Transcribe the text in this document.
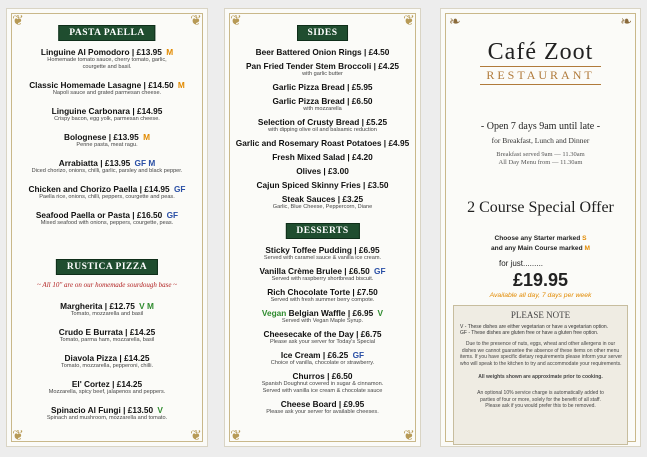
❦	❦
❦	❦
PASTA PAELLA
Linguine Al Pomodoro | £13.95 M
Homemade tomato sauce, cherry tomato, garlic,
courgette and basil.
Classic Homemade Lasagne | £14.50 M
Napoli sauce and grated parmesan cheese.
Linguine Carbonara | £14.95
Crispy bacon, egg yolk, parmesan cheese.
Bolognese | £13.95 M
Penne pasta, meat ragu.
Arrabiatta | £13.95 GF M
Diced chorizo, onions, chilli, garlic, parsley and black pepper.
Chicken and Chorizo Paella | £14.95 GF
Paella rice, onions, chilli, peppers, courgette and peas.
Seafood Paella or Pasta | £16.50 GF
Mixed seafood with onions, peppers, courgette, peas.
RUSTICA PIZZA
~ All 10" are on our homemade sourdough base ~
Margherita | £12.75 V M
Tomato, mozzarella and basil
Crudo E Burrata | £14.25
Tomato, parma ham, mozzarella, basil
Diavola Pizza | £14.25
Tomato, mozzarella, pepperoni, chilli.
El' Cortez | £14.25
Mozzarella, spicy beef, jalapenos and peppers.
Spinacio Al Fungi | £13.50 V
Spinach and mushroom, mozzarella and tomato.
❦	❦
❦	❦
SIDES
Beer Battered Onion Rings | £4.50
Pan Fried Tender Stem Broccoli | £4.25
with garlic butter
Garlic Pizza Bread | £5.95
Garlic Pizza Bread | £6.50
with mozzarella
Selection of Crusty Bread | £5.25
with dipping olive oil and balsamic reduction
Garlic and Rosemary Roast Potatoes | £4.95
Fresh Mixed Salad | £4.20
Olives | £3.00
Cajun Spiced Skinny Fries | £3.50
Steak Sauces | £3.25
Garlic, Blue Cheese, Peppercorn, Diane
DESSERTS
Sticky Toffee Pudding | £6.95
Served with caramel sauce & vanilla ice cream.
Vanilla Crème Brulee | £6.50 GF
Served with raspberry shortbread biscuit.
Rich Chocolate Torte | £7.50
Served with fresh summer berry compote.
Vegan Belgian Waffle | £6.95 V
Served with Vegan Maple Syrup.
Cheesecake of the Day | £6.75
Please ask your server for Today's Special
Ice Cream | £6.25 GF
Choice of vanilla, chocolate or strawberry.
Churros | £6.50
Spanish Doughnut covered in sugar & cinnamon.
Served with vanilla ice cream & chocolate sauce
Cheese Board | £9.95
Please ask your server for available cheeses.
❧	❧
Café Zoot
RESTAURANT
- Open 7 days 9am until late -
for Breakfast, Lunch and Dinner
Breakfast served 9am — 11.30am
All Day Menu from — 11.30am
2 Course Special Offer
Choose any Starter marked S
and any Main Course marked M
for just.........
£19.95
Available all day, 7 days per week
PLEASE NOTE
V - These dishes are either vegetarian or have a vegetarian option.
GF - These dishes are gluten free or have a gluten free option.
Due to the presence of nuts, eggs, wheat and other allergens in our
dishes we cannot guarantee the absence of these items on other menu
items. If you have specific dietary requirements please inform your server
who will speak to the kitchen to try and accommodate your requirements.
All weights shown are approximate prior to cooking.
An optional 10% service charge is automatically added to
parties of four or more, solely for the benefit of all staff.
Please ask if you would prefer this to be removed.
